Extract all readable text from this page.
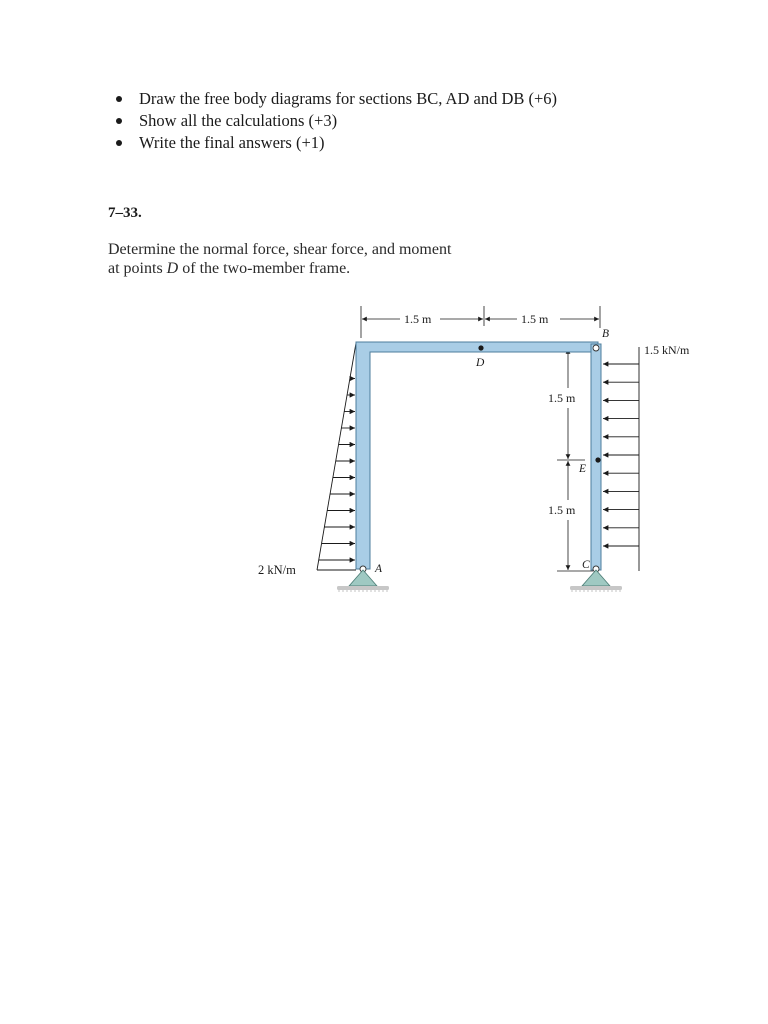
Draw the free body diagrams for sections BC, AD and DB (+6)
Show all the calculations (+3)
Write the final answers (+1)
7–33.
Determine the normal force, shear force, and moment
at points D of the two-member frame.
1.5 m	1.5 m
2 kN/m
1.5 kN/m
1.5 m
1.5 m
B
D
E
C
A
